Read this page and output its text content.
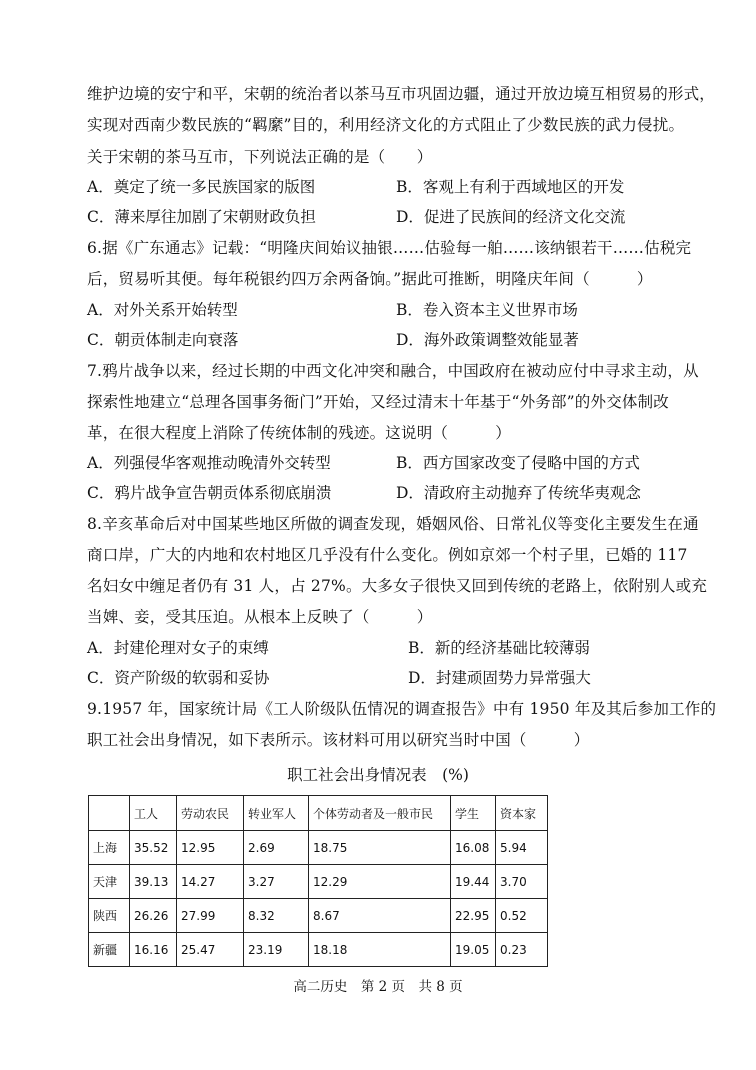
维护边境的安宁和平，宋朝的统治者以茶马互市巩固边疆，通过开放边境互相贸易的形式，
实现对西南少数民族的“羁縻”目的，利用经济文化的方式阻止了少数民族的武力侵扰。
关于宋朝的茶马互市，下列说法正确的是（　　）
A．奠定了统一多民族国家的版图	B．客观上有利于西域地区的开发
C．薄来厚往加剧了宋朝财政负担	D．促进了民族间的经济文化交流
6.据《广东通志》记载：“明隆庆间始议抽银……估验每一舶……该纳银若干……估税完
后，贸易听其便。每年税银约四万余两备饷。”据此可推断，明隆庆年间（　　　）
A．对外关系开始转型	B．卷入资本主义世界市场
C．朝贡体制走向衰落	D．海外政策调整效能显著
7.鸦片战争以来，经过长期的中西文化冲突和融合，中国政府在被动应付中寻求主动，从
探索性地建立“总理各国事务衙门”开始，又经过清末十年基于“外务部”的外交体制改
革，在很大程度上消除了传统体制的残迹。这说明（　　　）
A．列强侵华客观推动晚清外交转型	B．西方国家改变了侵略中国的方式
C．鸦片战争宣告朝贡体系彻底崩溃	D．清政府主动抛弃了传统华夷观念
8.辛亥革命后对中国某些地区所做的调查发现，婚姻风俗、日常礼仪等变化主要发生在通
商口岸，广大的内地和农村地区几乎没有什么变化。例如京郊一个村子里，已婚的 117
名妇女中缠足者仍有 31 人，占 27%。大多女子很快又回到传统的老路上，依附别人或充
当婢、妾，受其压迫。从根本上反映了（　　　）
A．封建伦理对女子的束缚	B．新的经济基础比较薄弱
C．资产阶级的软弱和妥协	D．封建顽固势力异常强大
9.1957 年，国家统计局《工人阶级队伍情况的调查报告》中有 1950 年及其后参加工作的
职工社会出身情况，如下表所示。该材料可用以研究当时中国（　　　）
职工社会出身情况表　(%)
	工人	劳动农民	转业军人	个体劳动者及一般市民	学生	资本家
上海	35.52	12.95	2.69	18.75	16.08	5.94
天津	39.13	14.27	3.27	12.29	19.44	3.70
陕西	26.26	27.99	8.32	8.67	22.95	0.52
新疆	16.16	25.47	23.19	18.18	19.05	0.23
高二历史　第 2 页　共 8 页
